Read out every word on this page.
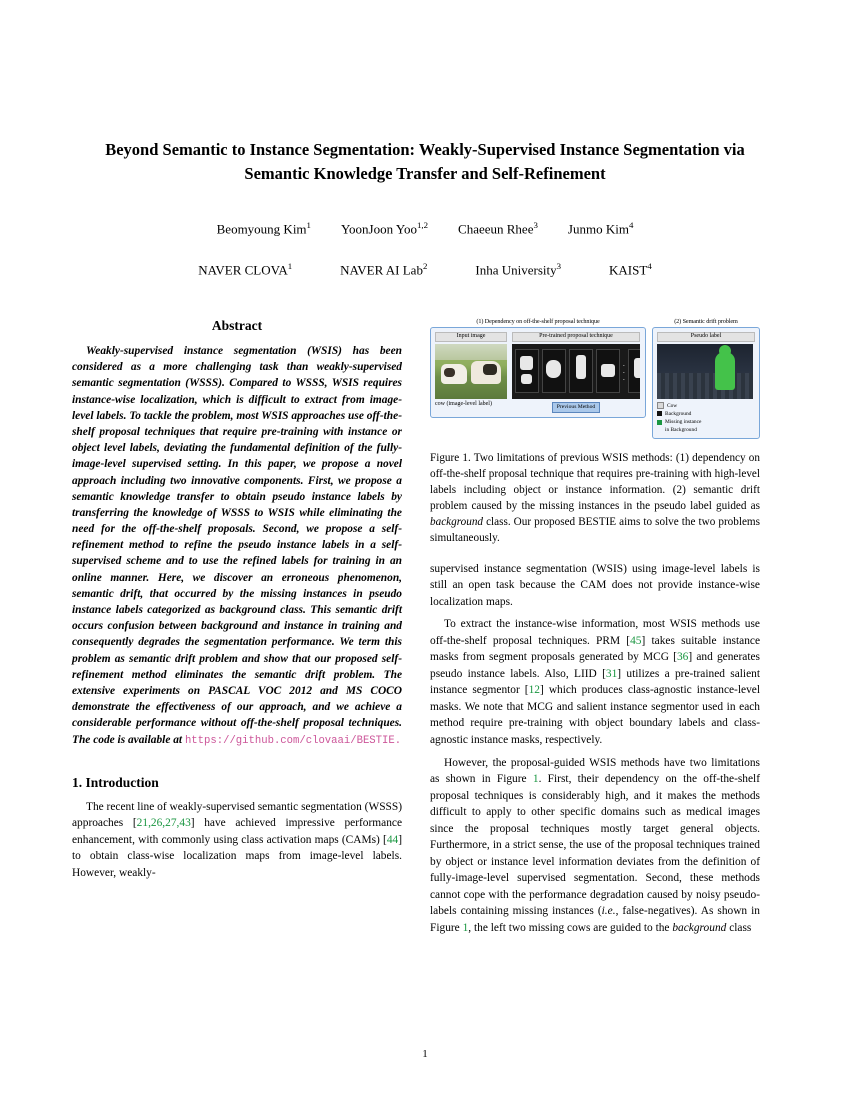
Beyond Semantic to Instance Segmentation: Weakly-Supervised Instance Segmentation via Semantic Knowledge Transfer and Self-Refinement
Beomyoung Kim$^1$ YoonJoon Yoo$^{1,2}$ Chaeeun Rhee$^3$ Junmo Kim$^4$
NAVER CLOVA$^1$	NAVER AI Lab$^2$	Inha University$^3$	KAIST$^4$
Abstract
Weakly-supervised instance segmentation (WSIS) has been considered as a more challenging task than weakly-supervised semantic segmentation (WSSS). Compared to WSSS, WSIS requires instance-wise localization, which is difficult to extract from image-level labels. To tackle the problem, most WSIS approaches use off-the-shelf proposal techniques that require pre-training with instance or object level labels, deviating the fundamental definition of the fully-image-level supervised setting. In this paper, we propose a novel approach including two innovative components. First, we propose a semantic knowledge transfer to obtain pseudo instance labels by transferring the knowledge of WSSS to WSIS while eliminating the need for the off-the-shelf proposals. Second, we propose a self-refinement method to refine the pseudo instance labels in a self-supervised scheme and to use the refined labels for training in an online manner. Here, we discover an erroneous phenomenon, semantic drift, that occurred by the missing instances in pseudo instance labels categorized as background class. This semantic drift occurs confusion between background and instance in training and consequently degrades the segmentation performance. We term this problem as semantic drift problem and show that our proposed self-refinement method eliminates the semantic drift problem. The extensive experiments on PASCAL VOC 2012 and MS COCO demonstrate the effectiveness of our approach, and we achieve a considerable performance without off-the-shelf proposal techniques. The code is available at https://github.com/clovaai/BESTIE.
1. Introduction

The recent line of weakly-supervised semantic segmentation (WSSS) approaches [21,26,27,43] have achieved impressive performance enhancement, with commonly using class activation maps (CAMs) [44] to obtain class-wise localization maps from image-level labels. However, weakly-

(1) Dependency on off-the-shelf proposal technique
Input image
cow (image-level label)
Pre-trained proposal technique
. . .
Previous Method
(2) Semantic drift problem
Pseudo label
Cow
Background
Missing instance
in Background
Figure 1. Two limitations of previous WSIS methods: (1) dependency on off-the-shelf proposal technique that requires pre-training with high-level labels including object or instance information. (2) semantic drift problem caused by the missing instances in the pseudo label guided as background class. Our proposed BESTIE aims to solve the two problems simultaneously.

supervised instance segmentation (WSIS) using image-level labels is still an open task because the CAM does not provide instance-wise localization maps.

To extract the instance-wise information, most WSIS methods use off-the-shelf proposal techniques. PRM [45] takes suitable instance masks from segment proposals generated by MCG [36] and generates pseudo instance labels. Also, LIID [31] utilizes a pre-trained salient instance segmentor [12] which produces class-agnostic instance-level masks. We note that MCG and salient instance segmentor used in each method require pre-training with object boundary labels and class-agnostic instance masks, respectively.

However, the proposal-guided WSIS methods have two limitations as shown in Figure 1. First, their dependency on the off-the-shelf proposal techniques is considerably high, and it makes the methods difficult to apply to other specific domains such as medical images since the proposal techniques mostly target general objects. Furthermore, in a strict sense, the use of the proposal techniques trained by object or instance level information deviates from the definition of fully-image-level supervised segmentation. Second, these methods cannot cope with the performance degradation caused by noisy pseudo-labels containing missing instances (i.e., false-negatives). As shown in Figure 1, the left two missing cows are guided to the background class

1
